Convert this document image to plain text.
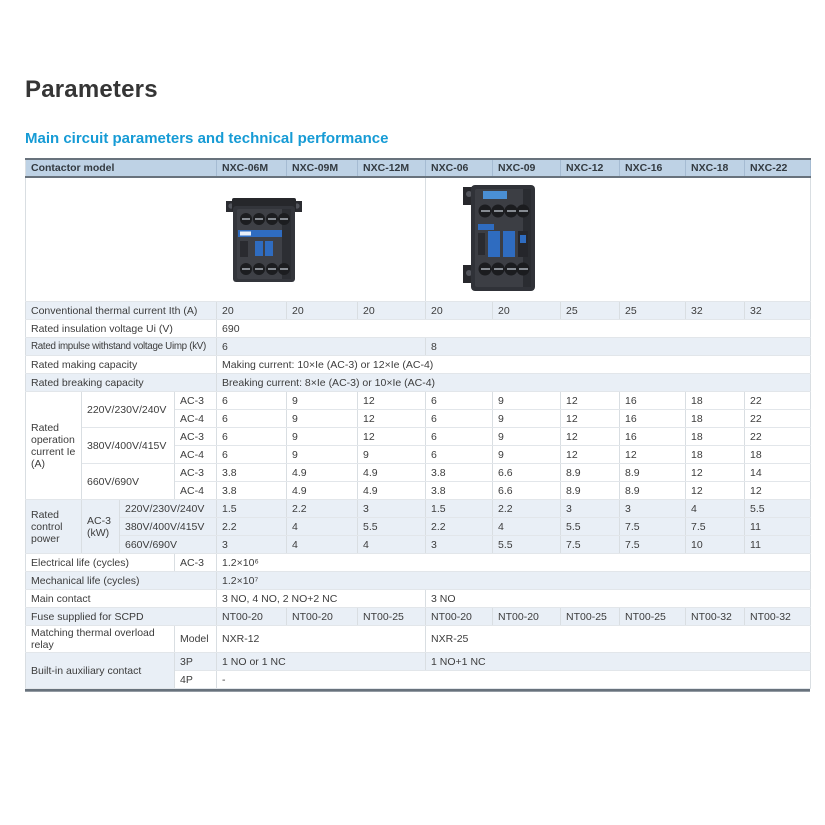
Parameters
Main circuit parameters and technical performance
Contactor model				NXC-06M	NXC-09M	NXC-12M	NXC-06	NXC-09	NXC-12	NXC-16	NXC-18	NXC-22

Conventional thermal current Ith (A)				20	20	20	20	20	25	25	32	32
Rated insulation voltage Ui (V)				690								
Rated impulse withstand voltage Uimp (kV)				6			8					
Rated making capacity				Making current: 10×Ie (AC-3) or 12×Ie (AC-4)								
Rated breaking capacity				Breaking current: 8×Ie (AC-3) or 10×Ie (AC-4)								
Rated operation current Ie (A)	220V/230V/240V		AC-3	6	9	12	6	9	12	16	18	22
			AC-4	6	9	12	6	9	12	16	18	22
	380V/400V/415V		AC-3	6	9	12	6	9	12	16	18	22
			AC-4	6	9	9	6	9	12	12	18	18
	660V/690V		AC-3	3.8	4.9	4.9	3.8	6.6	8.9	8.9	12	14
			AC-4	3.8	4.9	4.9	3.8	6.6	8.9	8.9	12	12
Rated control power	AC-3 (kW)	220V/230V/240V		1.5	2.2	3	1.5	2.2	3	3	4	5.5
		380V/400V/415V		2.2	4	5.5	2.2	4	5.5	7.5	7.5	11
		660V/690V		3	4	4	3	5.5	7.5	7.5	10	11
Electrical life (cycles)			AC-3	1.2×10⁶								
Mechanical life (cycles)				1.2×10⁷								
Main contact				3 NO, 4 NO, 2 NO+2 NC			3 NO					
Fuse supplied for SCPD				NT00-20	NT00-20	NT00-25	NT00-20	NT00-20	NT00-25	NT00-25	NT00-32	NT00-32
Matching thermal overload relay			Model	NXR-12			NXR-25					
Built-in auxiliary contact			3P	1 NO or 1 NC			1 NO+1 NC					
			4P	-								
